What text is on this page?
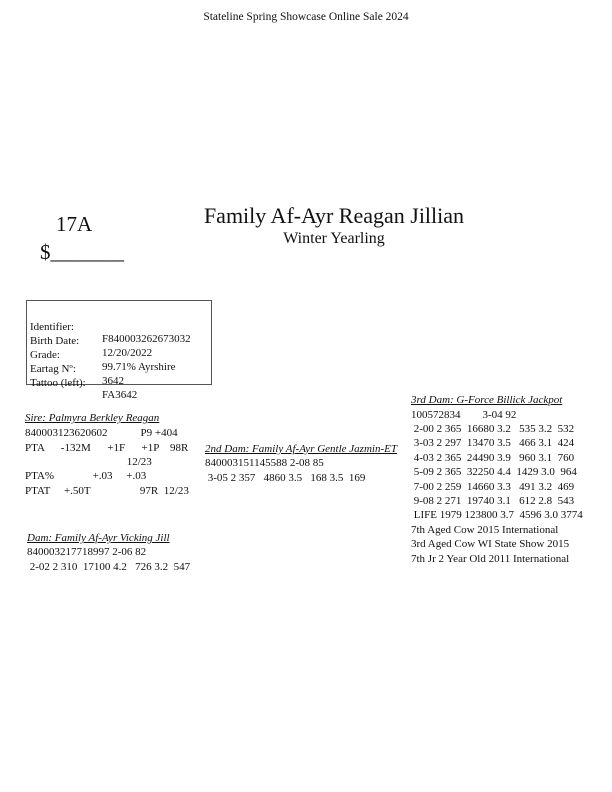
Stateline Spring Showcase Online Sale 2024
17A
$_______
Family Af-Ayr Reagan Jillian
Winter Yearling

Identifier:

F840003262673032

Birth Date:

12/20/2022

Grade:

99.71% Ayrshire

Eartag Nº:

3642

Tattoo (left):

FA3642

Sire: Palmyra Berkley Reagan
840003123620602            P9 +404
PTA      -132M      +1F      +1P    98R
12/23
PTA%              +.03     +.03
PTAT     +.50T                  97R  12/23
Dam: Family Af-Ayr Vicking Jill
840003217718997 2-06 82
2-02 2 310  17100 4.2   726 3.2  547
2nd Dam: Family Af-Ayr Gentle Jazmin-ET
840003151145588 2-08 85
3-05 2 357   4860 3.5   168 3.5  169
3rd Dam: G-Force Billick Jackpot
100572834        3-04 92
2-00 2 365  16680 3.2   535 3.2  532
3-03 2 297  13470 3.5   466 3.1  424
4-03 2 365  24490 3.9   960 3.1  760
5-09 2 365  32250 4.4  1429 3.0  964
7-00 2 259  14660 3.3   491 3.2  469
9-08 2 271  19740 3.1   612 2.8  543
LIFE 1979 123800 3.7  4596 3.0 3774
7th Aged Cow 2015 International
3rd Aged Cow WI State Show 2015
7th Jr 2 Year Old 2011 International
